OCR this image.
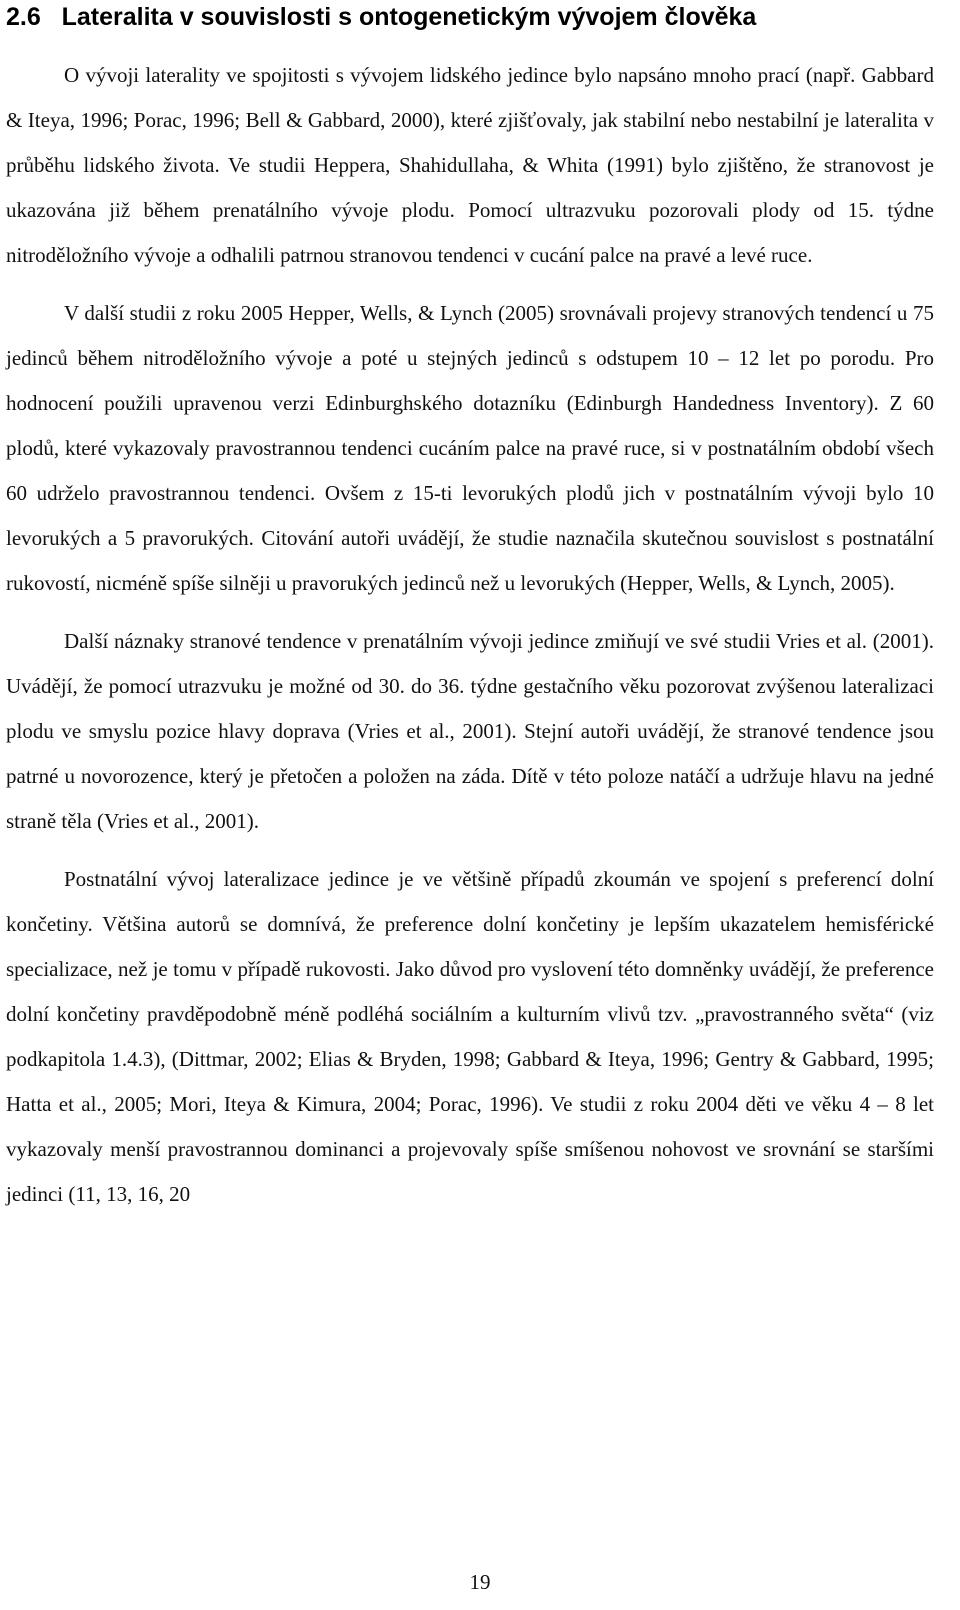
2.6 Lateralita v souvislosti s ontogenetickým vývojem člověka

O vývoji laterality ve spojitosti s vývojem lidského jedince bylo napsáno mnoho prací (např. Gabbard & Iteya, 1996; Porac, 1996; Bell & Gabbard, 2000), které zjišťovaly, jak stabilní nebo nestabilní je lateralita v průběhu lidského života. Ve studii Heppera, Shahidullaha, & Whita (1991) bylo zjištěno, že stranovost je ukazována již během prenatálního vývoje plodu. Pomocí ultrazvuku pozorovali plody od 15. týdne nitroděložního vývoje a odhalili patrnou stranovou tendenci v cucání palce na pravé a levé ruce.

V další studii z roku 2005 Hepper, Wells, & Lynch (2005) srovnávali projevy stranových tendencí u 75 jedinců během nitroděložního vývoje a poté u stejných jedinců s odstupem 10 – 12 let po porodu. Pro hodnocení použili upravenou verzi Edinburghského dotazníku (Edinburgh Handedness Inventory). Z 60 plodů, které vykazovaly pravostrannou tendenci cucáním palce na pravé ruce, si v postnatálním období všech 60 udrželo pravostrannou tendenci. Ovšem z 15-ti levorukých plodů jich v postnatálním vývoji bylo 10 levorukých a 5 pravorukých. Citování autoři uvádějí, že studie naznačila skutečnou souvislost s postnatální rukovostí, nicméně spíše silněji u pravorukých jedinců než u levorukých (Hepper, Wells, & Lynch, 2005).

Další náznaky stranové tendence v prenatálním vývoji jedince zmiňují ve své studii Vries et al. (2001). Uvádějí, že pomocí utrazvuku je možné od 30. do 36. týdne gestačního věku pozorovat zvýšenou lateralizaci plodu ve smyslu pozice hlavy doprava (Vries et al., 2001). Stejní autoři uvádějí, že stranové tendence jsou patrné u novorozence, který je přetočen a položen na záda. Dítě v této poloze natáčí a udržuje hlavu na jedné straně těla (Vries et al., 2001).

Postnatální vývoj lateralizace jedince je ve většině případů zkoumán ve spojení s preferencí dolní končetiny. Většina autorů se domnívá, že preference dolní končetiny je lepším ukazatelem hemisférické specializace, než je tomu v případě rukovosti. Jako důvod pro vyslovení této domněnky uvádějí, že preference dolní končetiny pravděpodobně méně podléhá sociálním a kulturním vlivů tzv. „pravostranného světa“ (viz podkapitola 1.4.3), (Dittmar, 2002; Elias & Bryden, 1998; Gabbard & Iteya, 1996; Gentry & Gabbard, 1995; Hatta et al., 2005; Mori, Iteya & Kimura, 2004; Porac, 1996). Ve studii z roku 2004 děti ve věku 4 – 8 let vykazovaly menší pravostrannou dominanci a projevovaly spíše smíšenou nohovost ve srovnání se staršími jedinci (11, 13, 16, 20

19
